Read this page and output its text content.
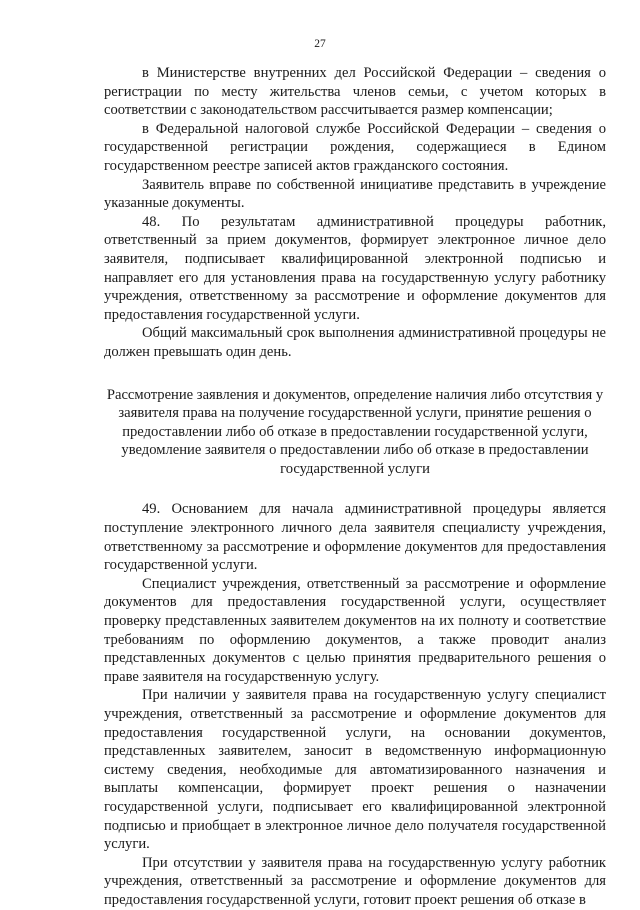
27

в Министерстве внутренних дел Российской Федерации – сведения о регистрации по месту жительства членов семьи, с учетом которых в соответствии с законодательством рассчитывается размер компенсации;

в Федеральной налоговой службе Российской Федерации – сведения о государственной регистрации рождения, содержащиеся в Едином государственном реестре записей актов гражданского состояния.

Заявитель вправе по собственной инициативе представить в учреждение указанные документы.

48. По результатам административной процедуры работник, ответственный за прием документов, формирует электронное личное дело заявителя, подписывает квалифицированной электронной подписью и направляет его для установления права на государственную услугу работнику учреждения, ответственному за рассмотрение и оформление документов для предоставления государственной услуги.

Общий максимальный срок выполнения административной процедуры не должен превышать один день.

Рассмотрение заявления и документов, определение наличия либо отсутствия у заявителя права на получение государственной услуги, принятие решения о предоставлении либо об отказе в предоставлении государственной услуги, уведомление заявителя о предоставлении либо об отказе в предоставлении государственной услуги

49. Основанием для начала административной процедуры является поступление электронного личного дела заявителя специалисту учреждения, ответственному за рассмотрение и оформление документов для предоставления государственной услуги.

Специалист учреждения, ответственный за рассмотрение и оформление документов для предоставления государственной услуги, осуществляет проверку представленных заявителем документов на их полноту и соответствие требованиям по оформлению документов, а также проводит анализ представленных документов с целью принятия предварительного решения о праве заявителя на государственную услугу.

При наличии у заявителя права на государственную услугу специалист учреждения, ответственный за рассмотрение и оформление документов для предоставления государственной услуги, на основании документов, представленных заявителем, заносит в ведомственную информационную систему сведения, необходимые для автоматизированного назначения и выплаты компенсации, формирует проект решения о назначении государственной услуги, подписывает его квалифицированной электронной подписью и приобщает в электронное личное дело получателя государственной услуги.

При отсутствии у заявителя права на государственную услугу работник учреждения, ответственный за рассмотрение и оформление документов для предоставления государственной услуги, готовит проект решения об отказе в
